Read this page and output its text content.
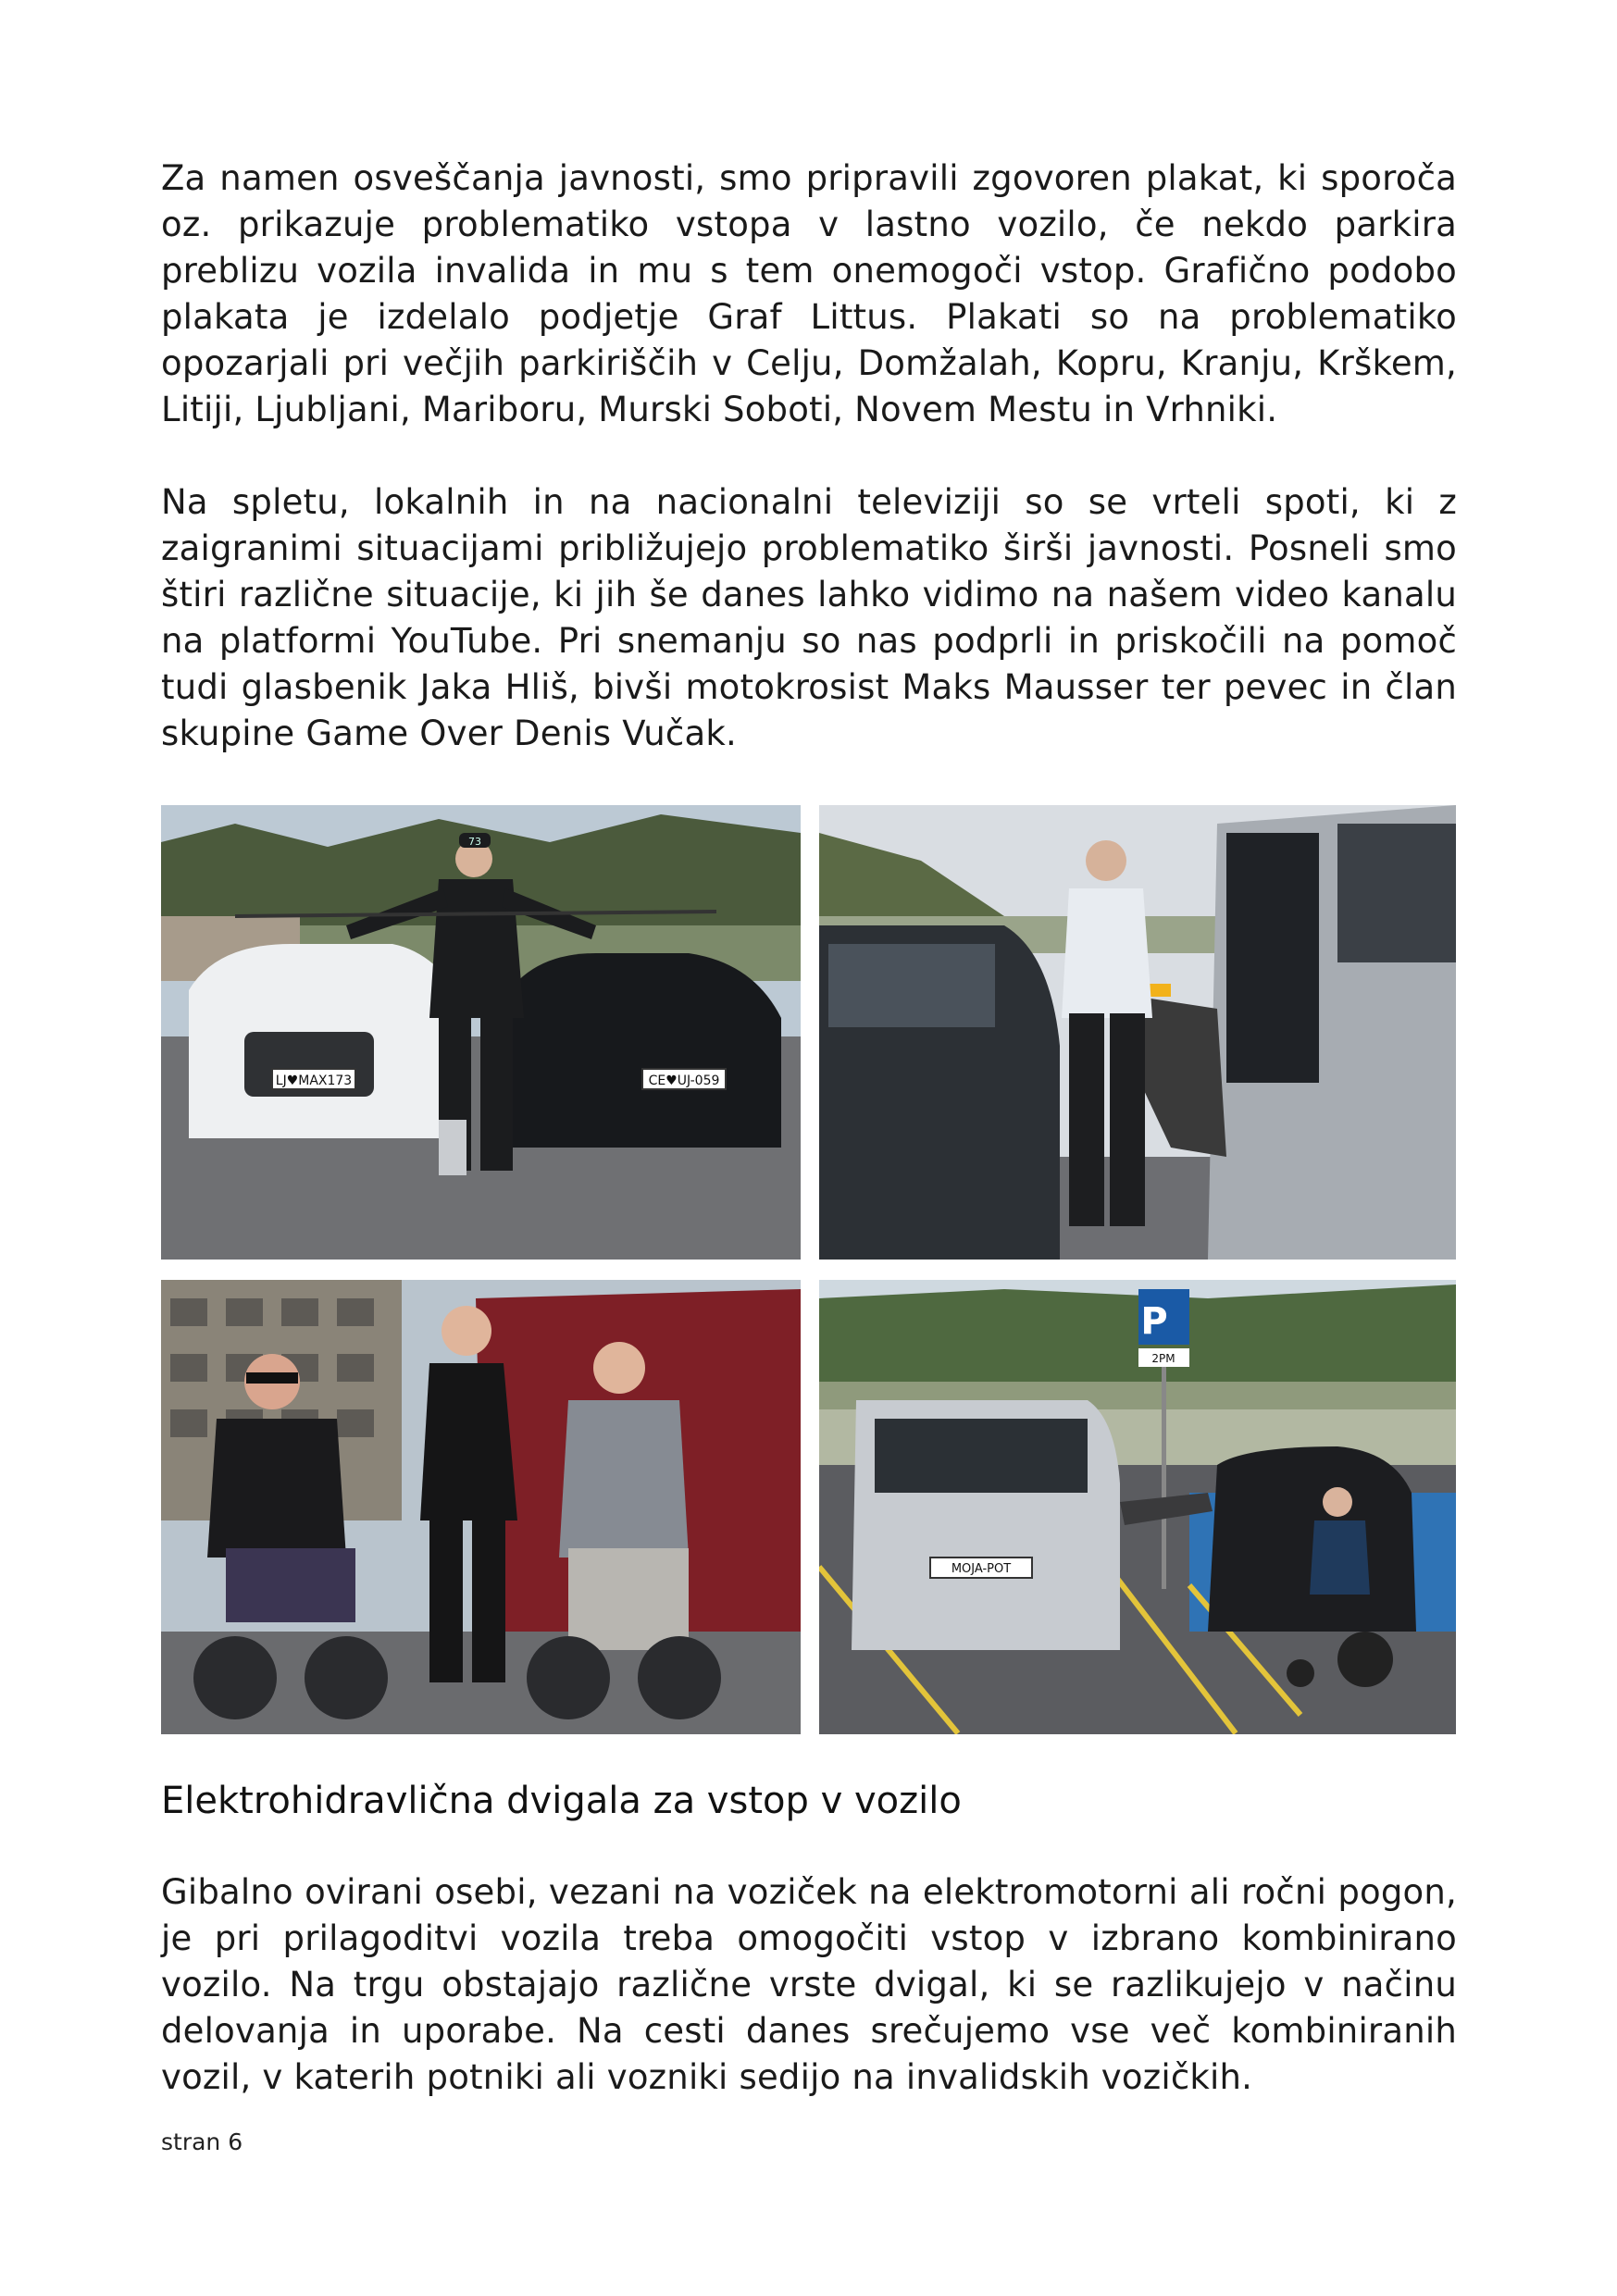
Za namen osveščanja javnosti, smo pripravili zgovoren plakat, ki sporoča oz. prikazuje problematiko vstopa v lastno vozilo, če nekdo parkira preblizu vozila invalida in mu s tem onemogoči vstop. Grafično podobo plakata je izdelalo podjetje Graf Littus. Plakati so na problematiko opozarjali pri večjih parkiriščih v Celju, Domžalah, Kopru, Kranju, Krškem, Litiji, Ljubljani, Mariboru, Murski Soboti, Novem Mestu in Vrhniki.

Na spletu, lokalnih in na nacionalni televiziji so se vrteli spoti, ki z zaigranimi situacijami približujejo problematiko širši javnosti. Posneli smo štiri različne situacije, ki jih še danes lahko vidimo na našem video kanalu na platformi YouTube. Pri snemanju so nas podprli in priskočili na pomoč tudi glasbenik Jaka Hliš, bivši motokrosist Maks Mausser ter pevec in član skupine Game Over Denis Vučak.

LJ♥MAX173	CE♥UJ-059
73
P
2PM
MOJA-POT
Elektrohidravlična dvigala za vstop v vozilo

Gibalno ovirani osebi, vezani na voziček na elektromotorni ali ročni pogon, je pri prilagoditvi vozila treba omogočiti vstop v izbrano kombinirano vozilo. Na trgu obstajajo različne vrste dvigal, ki se razlikujejo v načinu delovanja in uporabe. Na cesti danes srečujemo vse več kombiniranih vozil, v katerih potniki ali vozniki sedijo na invalidskih vozičkih.

stran 6
